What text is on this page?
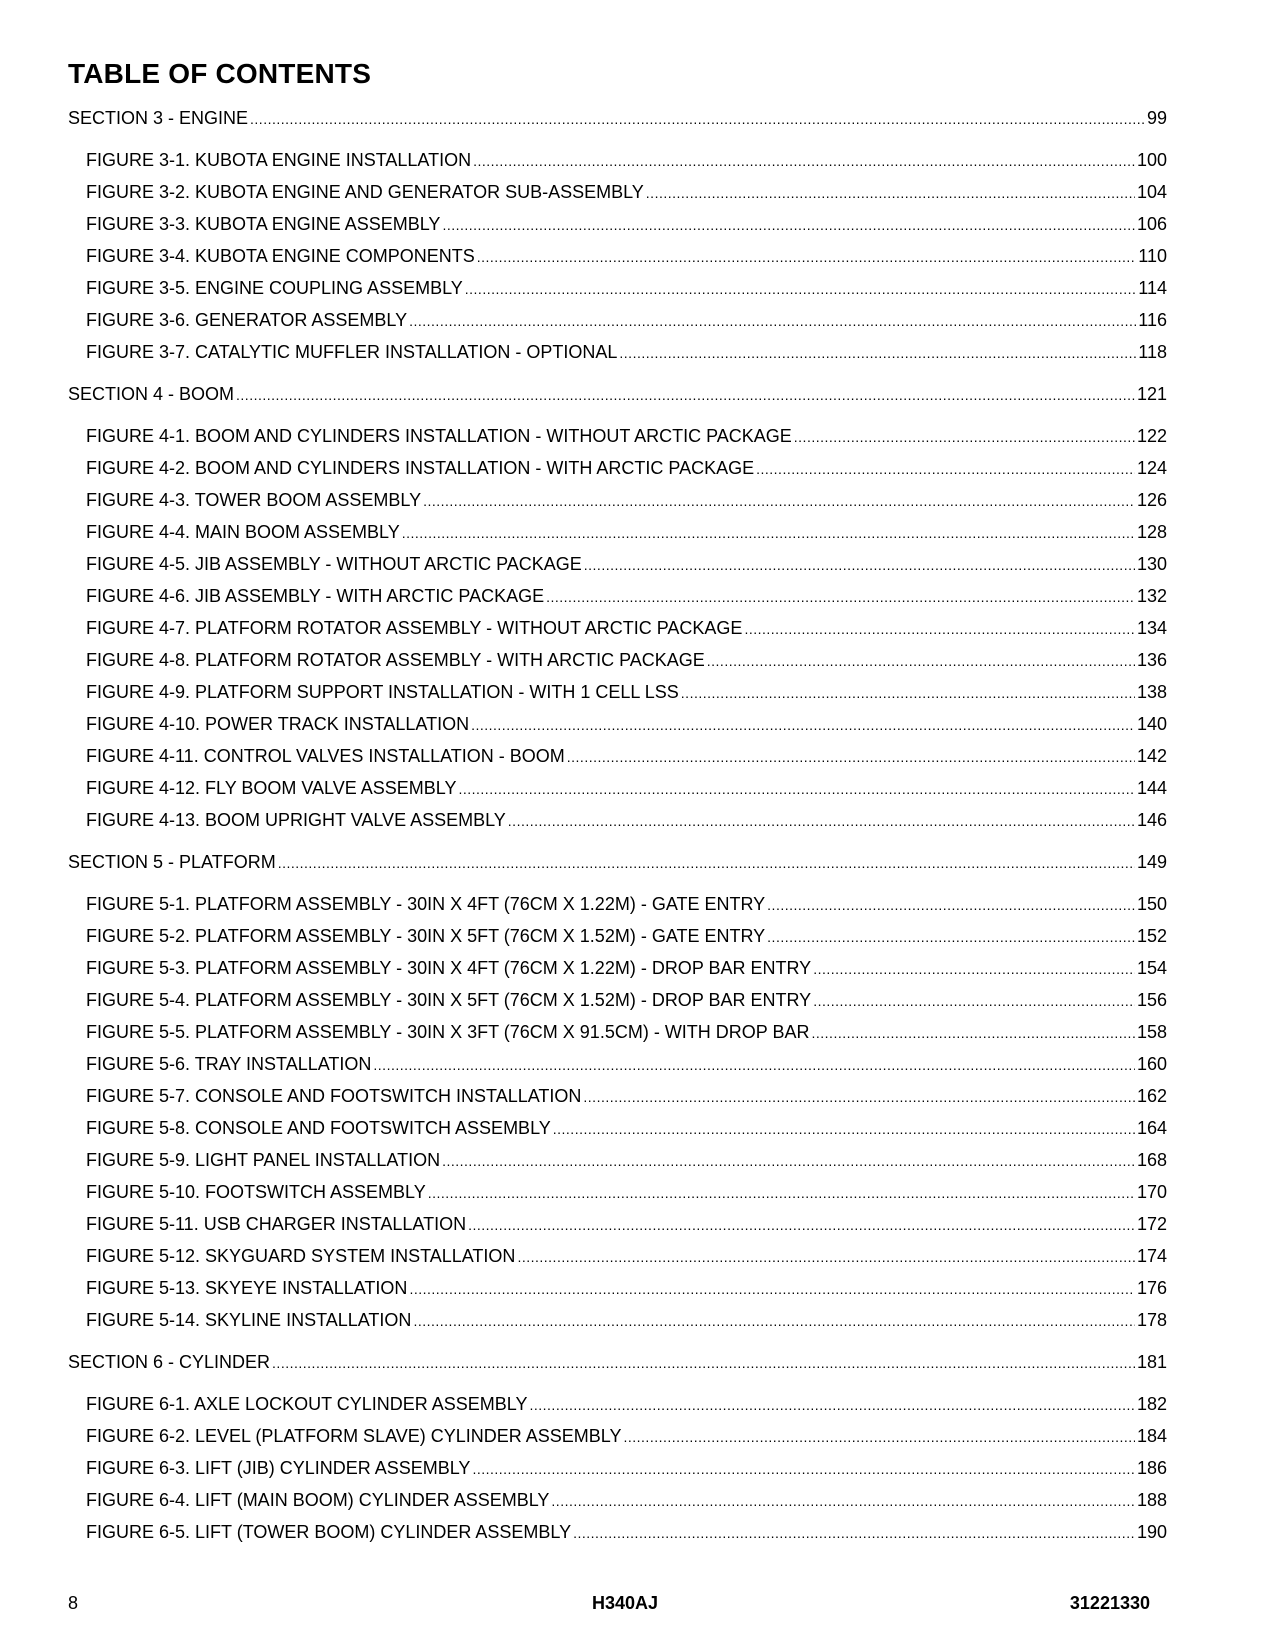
TABLE OF CONTENTS
SECTION 3 - ENGINE .....	99
FIGURE 3-1. KUBOTA ENGINE INSTALLATION .....	100
FIGURE 3-2. KUBOTA ENGINE AND GENERATOR SUB-ASSEMBLY .....	104
FIGURE 3-3. KUBOTA ENGINE ASSEMBLY .....	106
FIGURE 3-4. KUBOTA ENGINE COMPONENTS .....	110
FIGURE 3-5. ENGINE COUPLING ASSEMBLY .....	114
FIGURE 3-6. GENERATOR ASSEMBLY .....	116
FIGURE 3-7. CATALYTIC MUFFLER INSTALLATION - OPTIONAL .....	118
SECTION 4 - BOOM .....	121
FIGURE 4-1. BOOM AND CYLINDERS INSTALLATION - WITHOUT ARCTIC PACKAGE .....	122
FIGURE 4-2. BOOM AND CYLINDERS INSTALLATION - WITH ARCTIC PACKAGE .....	124
FIGURE 4-3. TOWER BOOM ASSEMBLY .....	126
FIGURE 4-4. MAIN BOOM ASSEMBLY .....	128
FIGURE 4-5. JIB ASSEMBLY - WITHOUT ARCTIC PACKAGE .....	130
FIGURE 4-6. JIB ASSEMBLY - WITH ARCTIC PACKAGE .....	132
FIGURE 4-7. PLATFORM ROTATOR ASSEMBLY - WITHOUT ARCTIC PACKAGE .....	134
FIGURE 4-8. PLATFORM ROTATOR ASSEMBLY - WITH ARCTIC PACKAGE .....	136
FIGURE 4-9. PLATFORM SUPPORT INSTALLATION - WITH 1 CELL LSS .....	138
FIGURE 4-10. POWER TRACK INSTALLATION .....	140
FIGURE 4-11. CONTROL VALVES INSTALLATION - BOOM .....	142
FIGURE 4-12. FLY BOOM VALVE ASSEMBLY .....	144
FIGURE 4-13. BOOM UPRIGHT VALVE ASSEMBLY .....	146
SECTION 5 - PLATFORM .....	149
FIGURE 5-1. PLATFORM ASSEMBLY - 30IN X 4FT (76CM X 1.22M) - GATE ENTRY .....	150
FIGURE 5-2. PLATFORM ASSEMBLY - 30IN X 5FT (76CM X 1.52M) - GATE ENTRY .....	152
FIGURE 5-3. PLATFORM ASSEMBLY - 30IN X 4FT (76CM X 1.22M) - DROP BAR ENTRY .....	154
FIGURE 5-4. PLATFORM ASSEMBLY - 30IN X 5FT (76CM X 1.52M) - DROP BAR ENTRY .....	156
FIGURE 5-5. PLATFORM ASSEMBLY - 30IN X 3FT (76CM X 91.5CM) - WITH DROP BAR .....	158
FIGURE 5-6. TRAY INSTALLATION .....	160
FIGURE 5-7. CONSOLE AND FOOTSWITCH INSTALLATION .....	162
FIGURE 5-8. CONSOLE AND FOOTSWITCH ASSEMBLY .....	164
FIGURE 5-9. LIGHT PANEL INSTALLATION .....	168
FIGURE 5-10. FOOTSWITCH ASSEMBLY .....	170
FIGURE 5-11. USB CHARGER INSTALLATION .....	172
FIGURE 5-12. SKYGUARD SYSTEM INSTALLATION .....	174
FIGURE 5-13. SKYEYE INSTALLATION .....	176
FIGURE 5-14. SKYLINE INSTALLATION .....	178
SECTION 6 - CYLINDER .....	181
FIGURE 6-1. AXLE LOCKOUT CYLINDER ASSEMBLY .....	182
FIGURE 6-2. LEVEL (PLATFORM SLAVE) CYLINDER ASSEMBLY .....	184
FIGURE 6-3. LIFT (JIB) CYLINDER ASSEMBLY .....	186
FIGURE 6-4. LIFT (MAIN BOOM) CYLINDER ASSEMBLY .....	188
FIGURE 6-5. LIFT (TOWER BOOM) CYLINDER ASSEMBLY .....	190
8	H340AJ	31221330
